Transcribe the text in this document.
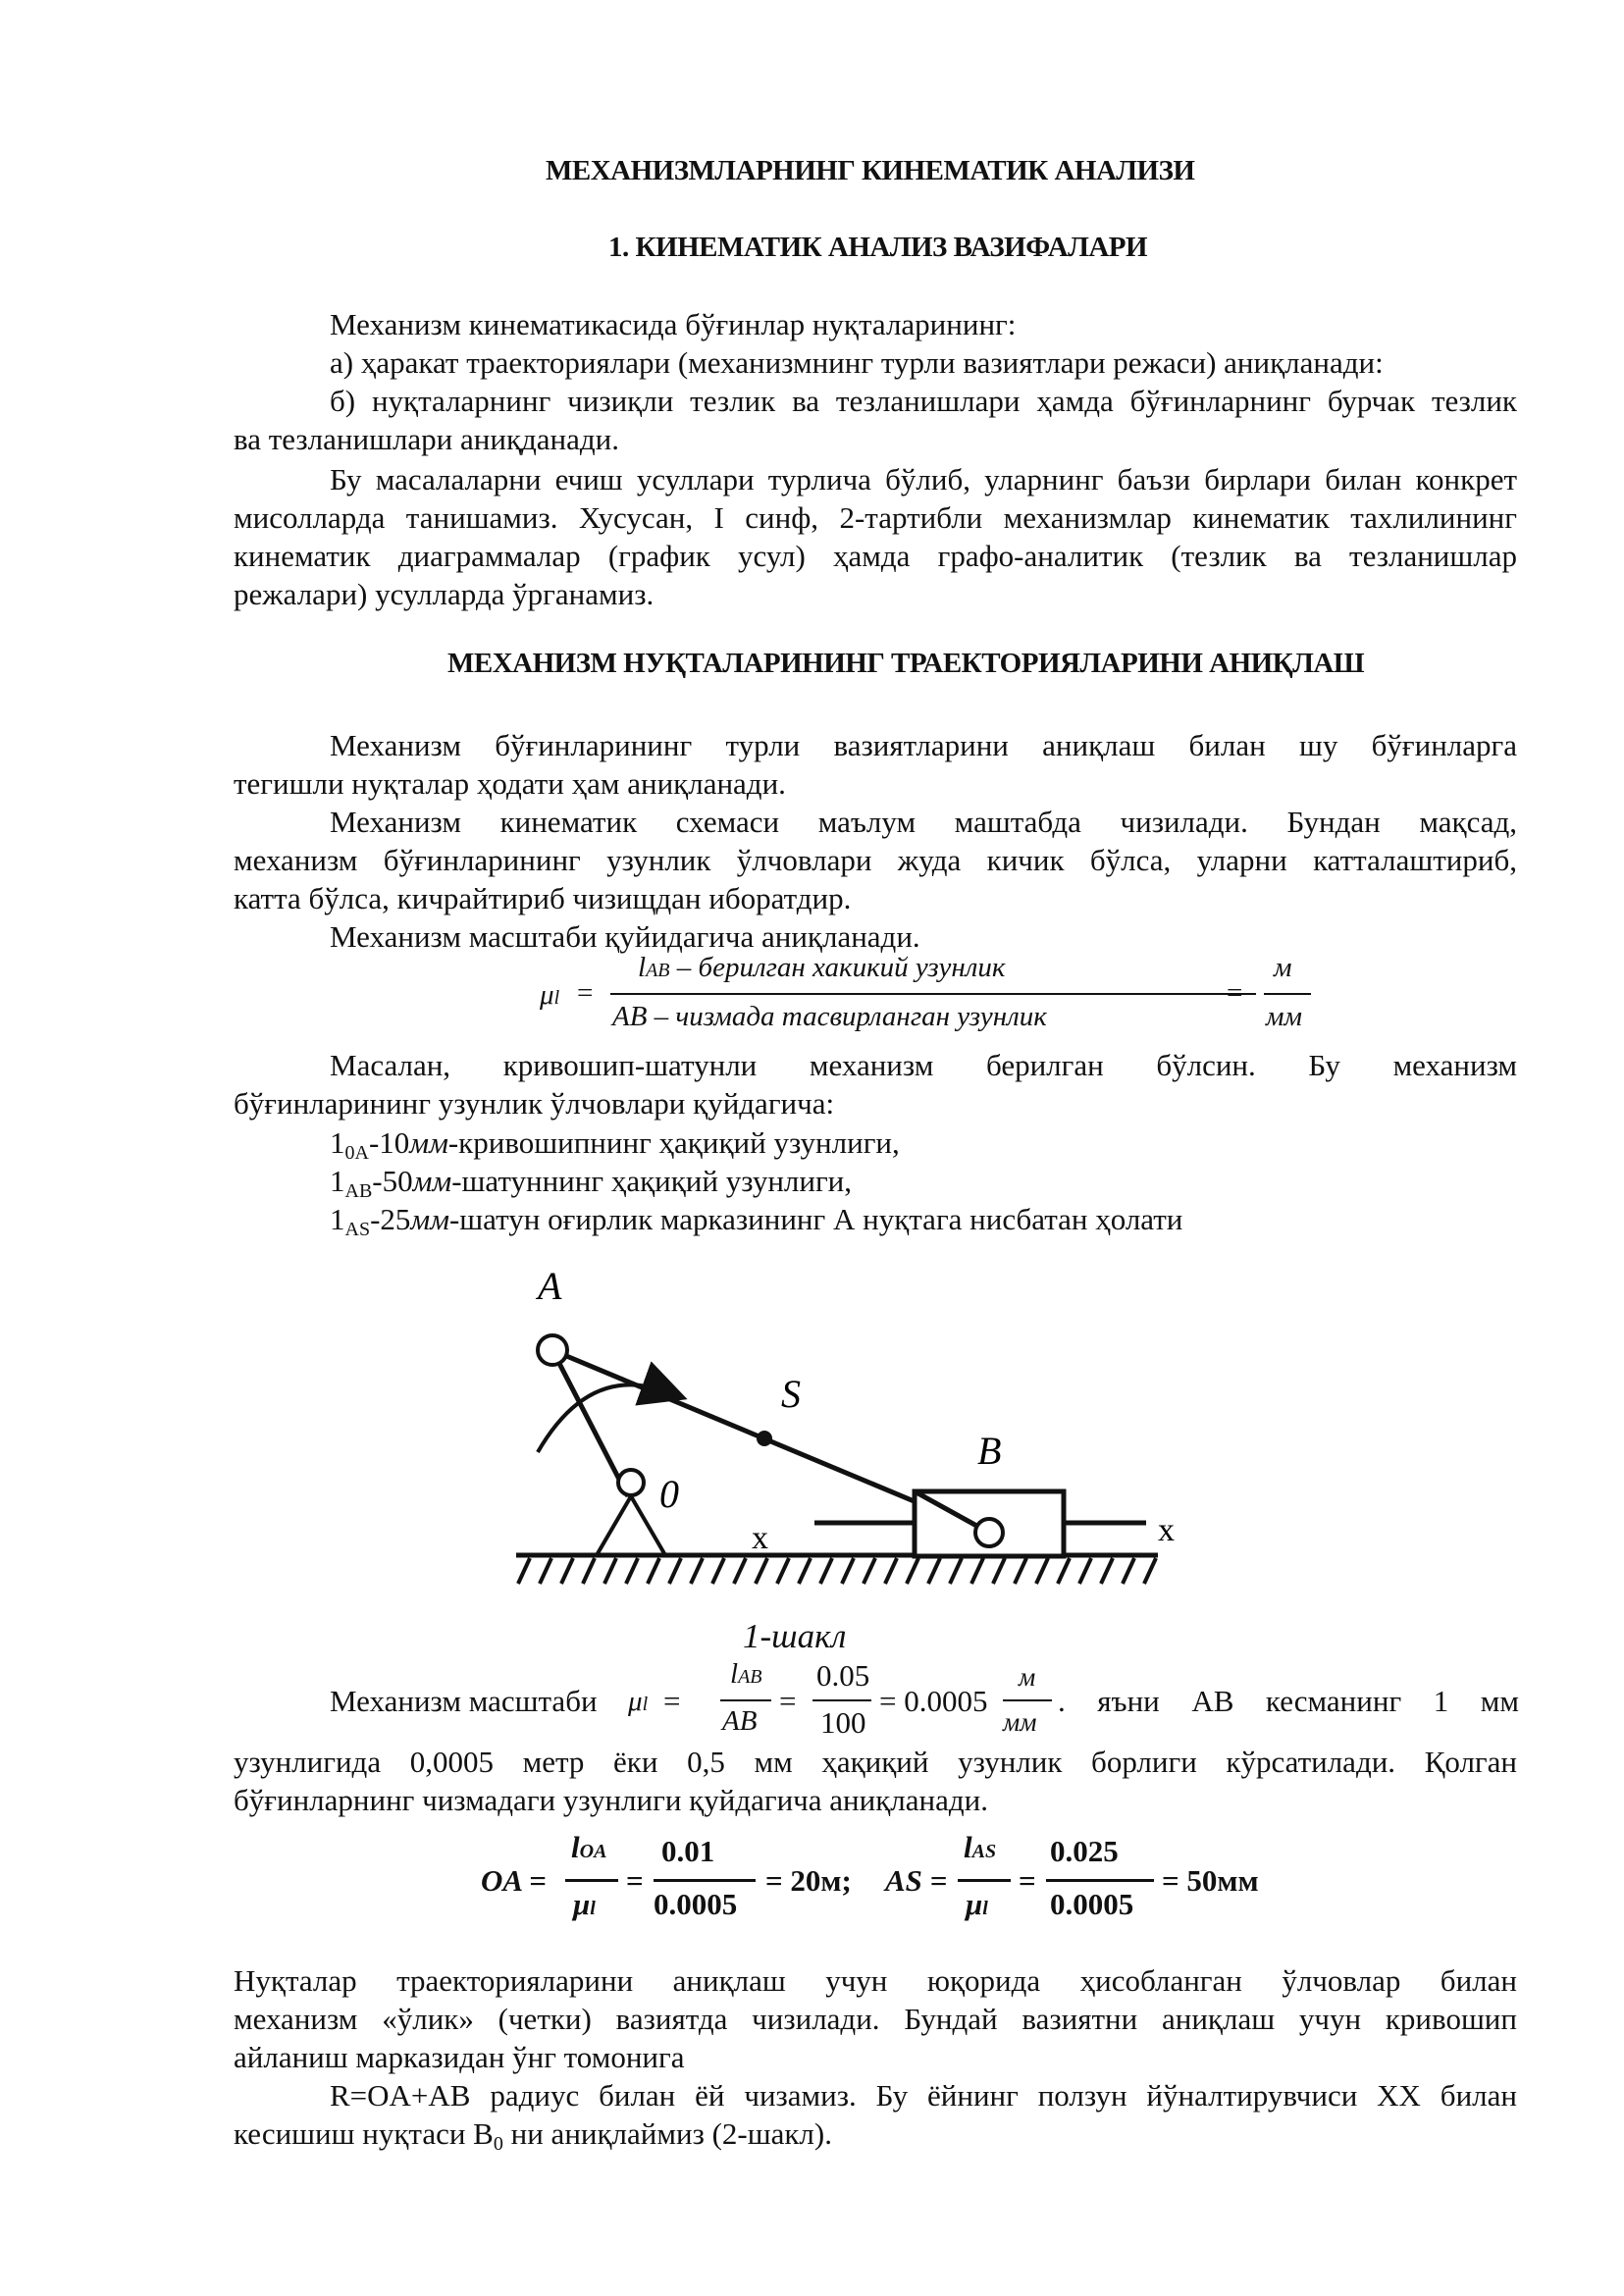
МЕХАНИЗМЛАРНИНГ КИНЕМАТИК АНАЛИЗИ
1. КИНЕМАТИК АНАЛИЗ ВАЗИФАЛАРИ
Механизм кинематикасида бўғинлар нуқталарининг:
а) ҳаракат траекториялари (механизмнинг турли вазиятлари режаси) аниқланади:
б) нуқталарнинг чизиқли тезлик ва тезланишлари ҳамда бўғинларнинг бурчак тезлик
ва тезланишлари аниқданади.
Бу масалаларни ечиш усуллари турлича бўлиб, уларнинг баъзи бирлари билан конкрет
мисолларда танишамиз. Хусусан, I синф, 2-тартибли механизмлар кинематик тахлилининг
кинематик диаграммалар (график усул) ҳамда графо-аналитик (тезлик ва тезланишлар
режалари) усулларда ўрганамиз.
МЕХАНИЗМ НУҚТАЛАРИНИНГ ТРАЕКТОРИЯЛАРИНИ АНИҚЛАШ
Механизм бўғинларининг турли вазиятларини аниқлаш билан шу бўғинларга
тегишли нуқталар ҳодати ҳам аниқланади.
Механизм кинематик схемаси маълум маштабда чизилади. Бундан мақсад,
механизм бўғинларининг узунлик ўлчовлари жуда кичик бўлса, уларни катталаштириб,
катта бўлса, кичрайтириб чизищдан иборатдир.
Механизм масштаби қуйидагича аниқланади.
μl =
lAB – берилган хакикий узунлик
AB – чизмада тасвирланган узунлик
=
м
мм
Масалан, кривошип-шатунли механизм берилган бўлсин. Бу механизм
бўғинларининг узунлик ўлчовлари қуйдагича:
10A-10мм-кривошипнинг ҳақиқий узунлиги,
1AB-50мм-шатуннинг ҳақиқий узунлиги,
1AS-25мм-шатун оғирлик марказининг А нуқтага нисбатан ҳолати
A
S
B
0
x	x
1-шакл
Механизм масштаби μl =
lAB
AB
=
0.05
100
= 0.0005
м
мм
. яъни АВ кесманинг 1 мм
узунлигида 0,0005 метр ёки 0,5 мм ҳақиқий узунлик борлиги кўрсатилади. Қолган
бўғинларнинг чизмадаги узунлиги қуйдагича аниқланади.
OA =
lOA
μl
=
0.01
0.0005
= 20м; AS =
lAS
μl
=
0.025
0.0005
= 50мм
Нуқталар траекторияларини аниқлаш учун юқорида ҳисобланган ўлчовлар билан
механизм «ўлик» (четки) вазиятда чизилади. Бундай вазиятни аниқлаш учун кривошип
айланиш марказидан ўнг томонига
R=OA+AB радиус билан ёй чизамиз. Бу ёйнинг ползун йўналтирувчиси XX билан
кесишиш нуқтаси В0 ни аниқлаймиз (2-шакл).
